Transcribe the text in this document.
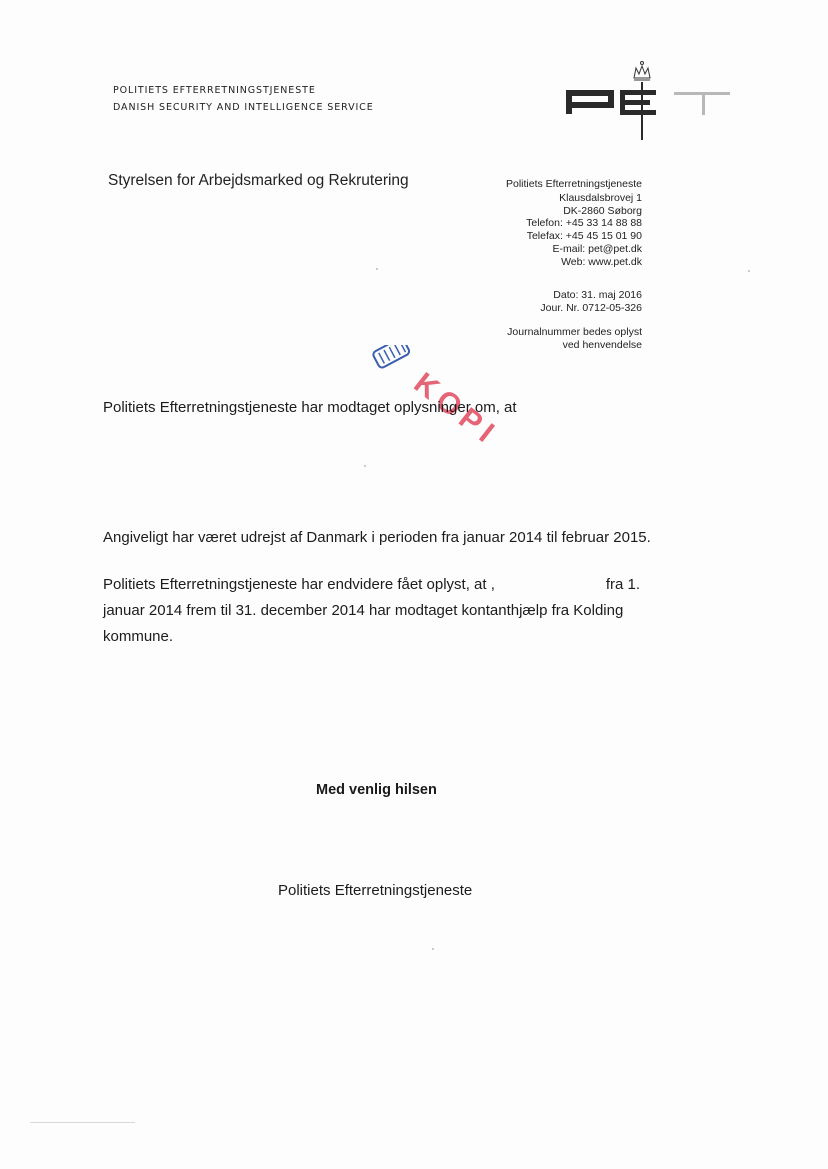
POLITIETS EFTERRETNINGSTJENESTE
DANISH SECURITY AND INTELLIGENCE SERVICE
Styrelsen for Arbejdsmarked og Rekrutering	Politiets Efterretningstjeneste
Klausdalsbrovej 1
DK-2860 Søborg
Telefon: +45 33 14 88 88
Telefax: +45 45 15 01 90
E-mail: pet@pet.dk
Web: www.pet.dk
Dato: 31. maj 2016
Jour. Nr. 0712-05-326
Journalnummer bedes oplyst
ved henvendelse
KOPI
Politiets Efterretningstjeneste har modtaget oplysninger om, at
Angiveligt har været udrejst af Danmark i perioden fra januar 2014 til februar 2015.
Politiets Efterretningstjeneste har endvidere fået oplyst, at ,	fra 1.
januar 2014 frem til 31. december 2014 har modtaget kontanthjælp fra Kolding
kommune.
Med venlig hilsen
Politiets Efterretningstjeneste
